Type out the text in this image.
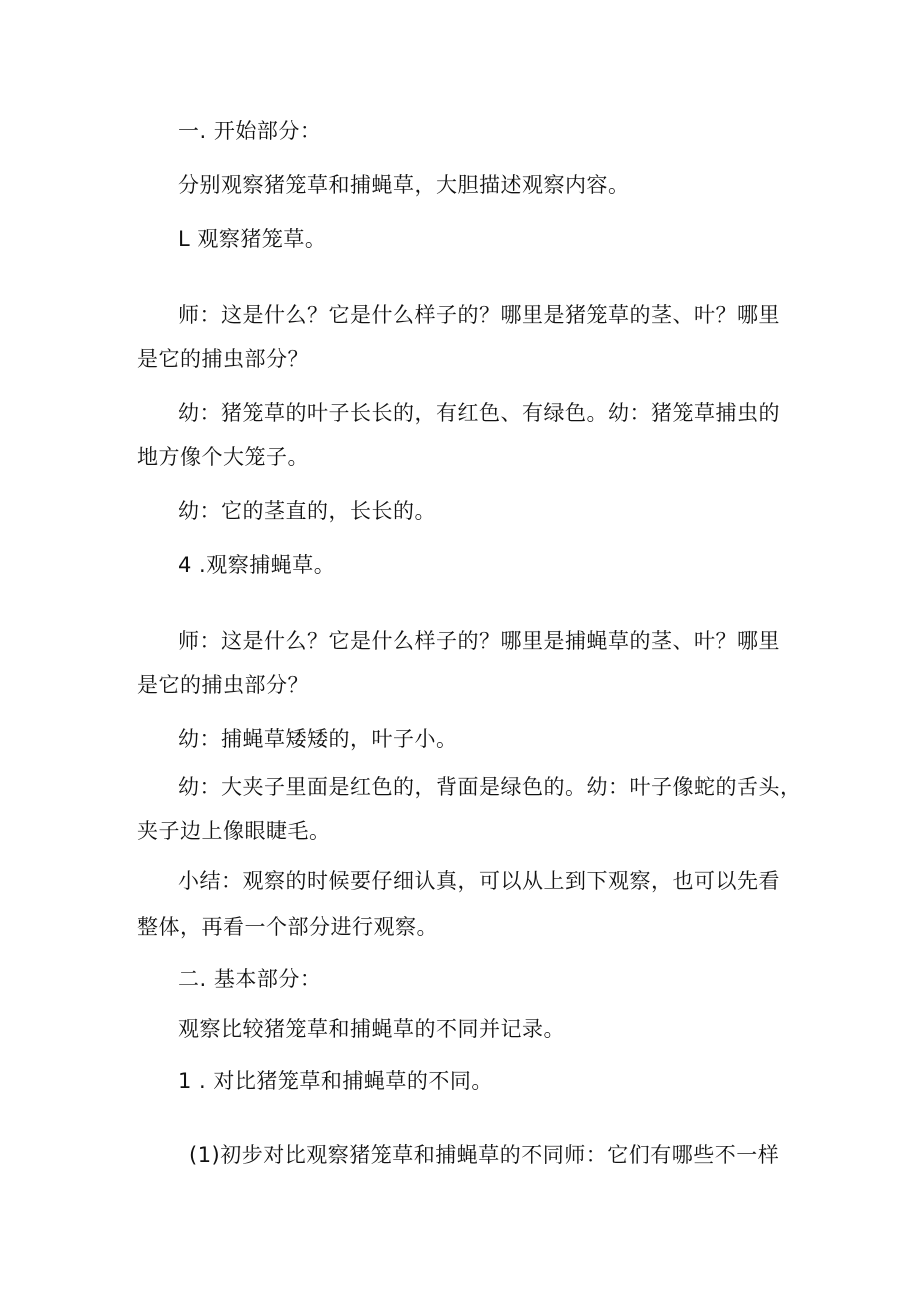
一. 开始部分：
分别观察猪笼草和捕蝇草，大胆描述观察内容。
L 观察猪笼草。
师：这是什么？它是什么样子的？哪里是猪笼草的茎、叶？哪里
是它的捕虫部分？
幼：猪笼草的叶子长长的，有红色、有绿色。幼：猪笼草捕虫的
地方像个大笼子。
幼：它的茎直的，长长的。
4 .观察捕蝇草。
师：这是什么？它是什么样子的？哪里是捕蝇草的茎、叶？哪里
是它的捕虫部分？
幼：捕蝇草矮矮的，叶子小。
幼：大夹子里面是红色的，背面是绿色的。幼：叶子像蛇的舌头，
夹子边上像眼睫毛。
小结：观察的时候要仔细认真，可以从上到下观察，也可以先看
整体，再看一个部分进行观察。
二. 基本部分：
观察比较猪笼草和捕蝇草的不同并记录。
1 . 对比猪笼草和捕蝇草的不同。
(1)初步对比观察猪笼草和捕蝇草的不同师：它们有哪些不一样
